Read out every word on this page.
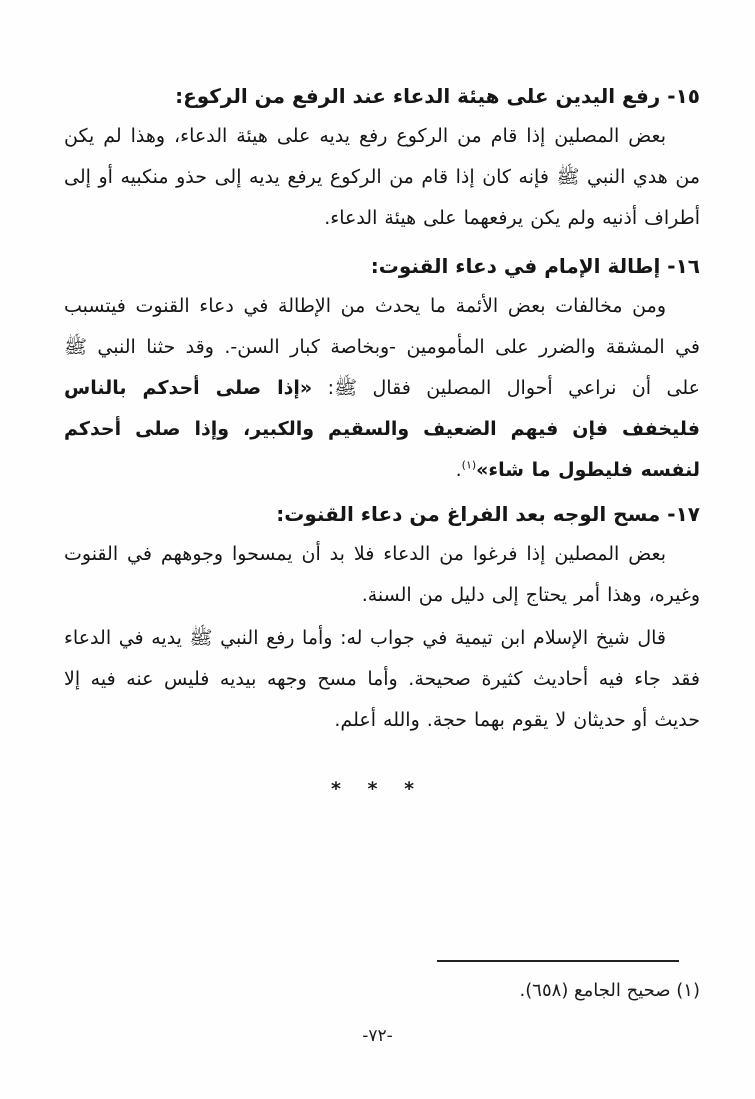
١٥- رفع اليدين على هيئة الدعاء عند الرفع من الركوع:
بعض المصلين إذا قام من الركوع رفع يديه على هيئة الدعاء، وهذا لم يكن من هدي النبي ﷺ فإنه كان إذا قام من الركوع يرفع يديه إلى حذو منكبيه أو إلى أطراف أذنيه ولم يكن يرفعهما على هيئة الدعاء.
١٦- إطالة الإمام في دعاء القنوت:
ومن مخالفات بعض الأئمة ما يحدث من الإطالة في دعاء القنوت فيتسبب في المشقة والضرر على المأمومين -وبخاصة كبار السن-. وقد حثنا النبي ﷺ على أن نراعي أحوال المصلين فقال ﷺ: «إذا صلى أحدكم بالناس فليخفف فإن فيهم الضعيف والسقيم والكبير، وإذا صلى أحدكم لنفسه فليطول ما شاء»$^{(١)}$.
١٧- مسح الوجه بعد الفراغ من دعاء القنوت:
بعض المصلين إذا فرغوا من الدعاء فلا بد أن يمسحوا وجوههم في القنوت وغيره، وهذا أمر يحتاج إلى دليل من السنة.
قال شيخ الإسلام ابن تيمية في جواب له: وأما رفع النبي ﷺ يديه في الدعاء فقد جاء فيه أحاديث كثيرة صحيحة. وأما مسح وجهه بيديه فليس عنه فيه إلا حديث أو حديثان لا يقوم بهما حجة. والله أعلم.
* * *
(١) صحيح الجامع (٦٥٨).
-٧٢-
